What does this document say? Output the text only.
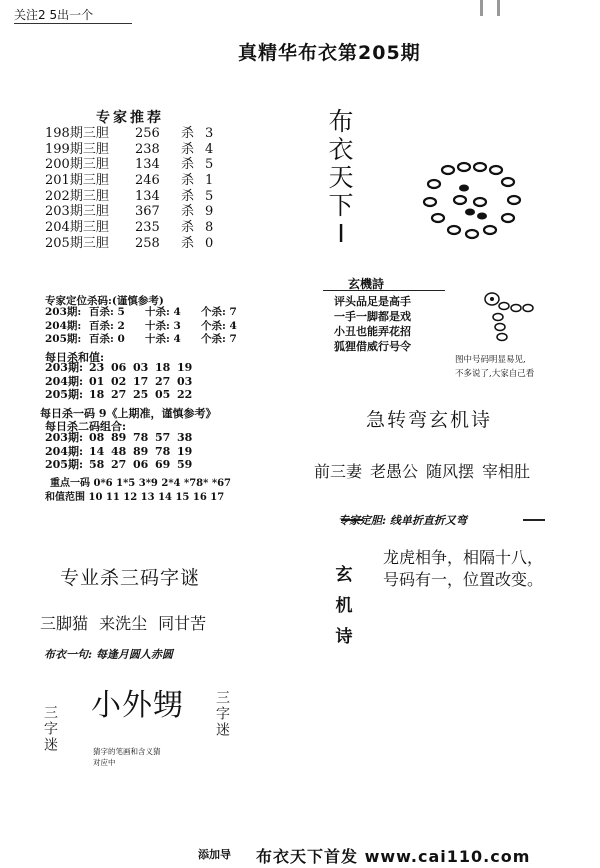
关注2 5出一个
真精华布衣第205期
专家推荐
198期三胆 256 杀 3
199期三胆 238 杀 4
200期三胆 134 杀 5
201期三胆 246 杀 1
202期三胆 134 杀 5
203期三胆 367 杀 9
204期三胆 235 杀 8
205期三胆 258 杀 0
专家定位杀码:(谨慎参考)
203期: 百杀: 5 十杀: 4 个杀: 7
204期: 百杀: 2 十杀: 3 个杀: 4
205期: 百杀: 0 十杀: 4 个杀: 7
每日杀和值:
203期: 23 06 03 18 19
204期: 01 02 17 27 03
205期: 18 27 25 05 22
每日杀一码 9《上期准，谨慎参考》
每日杀二码组合:
203期: 08 89 78 57 38
204期: 14 48 89 78 19
205期: 58 27 06 69 59
重点一码 0*6 1*5 3*9 2*4 *78* *67
和值范围 10 11 12 13 14 15 16 17
专业杀三码字谜
三脚猫 来洗尘 同甘苦
布衣一句: 每逢月圆人赤圆
小外甥
三字迷	三字迷
猜字的笔画和含义猜
对应中
布
衣
天
下
I
玄機詩
评头品足是高手
一手一脚都是戏
小丑也能弄花招
狐狸借威行号令
图中号码明显易见,
不多说了,大家自己看
急转弯玄机诗
前三妻 老愚公 随风摆 宰相肚
专家定胆: 线单折直折又弯
玄
机
诗
龙虎相争，相隔十八，
号码有一，位置改变。
添加导 布衣天下首发 www.cai110.com
